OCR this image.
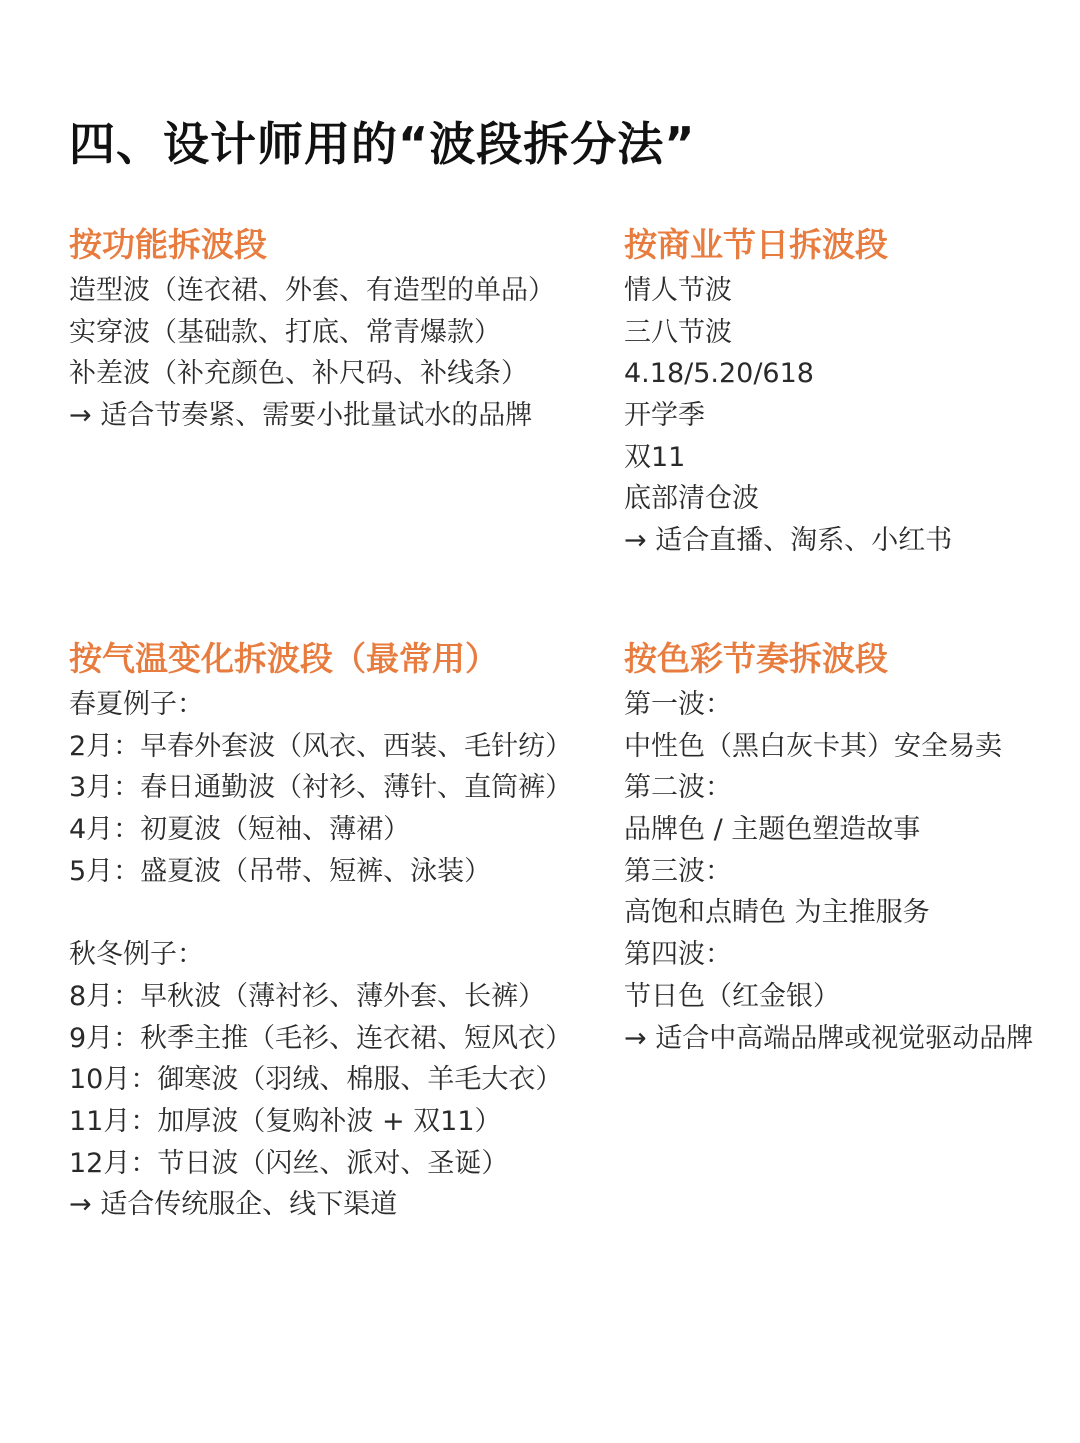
四、设计师用的“波段拆分法”
按功能拆波段
造型波（连衣裙、外套、有造型的单品）
实穿波（基础款、打底、常青爆款）
补差波（补充颜色、补尺码、补线条）
→ 适合节奏紧、需要小批量试水的品牌
按商业节日拆波段
情人节波
三八节波
4.18/5.20/618
开学季
双11
底部清仓波
→ 适合直播、淘系、小红书
按气温变化拆波段（最常用）
春夏例子：
2月：早春外套波（风衣、西装、毛针纺）
3月：春日通勤波（衬衫、薄针、直筒裤）
4月：初夏波（短袖、薄裙）
5月：盛夏波（吊带、短裤、泳装）
秋冬例子：
8月：早秋波（薄衬衫、薄外套、长裤）
9月：秋季主推（毛衫、连衣裙、短风衣）
10月：御寒波（羽绒、棉服、羊毛大衣）
11月：加厚波（复购补波 + 双11）
12月：节日波（闪丝、派对、圣诞）
→ 适合传统服企、线下渠道
按色彩节奏拆波段
第一波：
中性色（黑白灰卡其）安全易卖
第二波：
品牌色 / 主题色塑造故事
第三波：
高饱和点睛色 为主推服务
第四波：
节日色（红金银）
→ 适合中高端品牌或视觉驱动品牌
